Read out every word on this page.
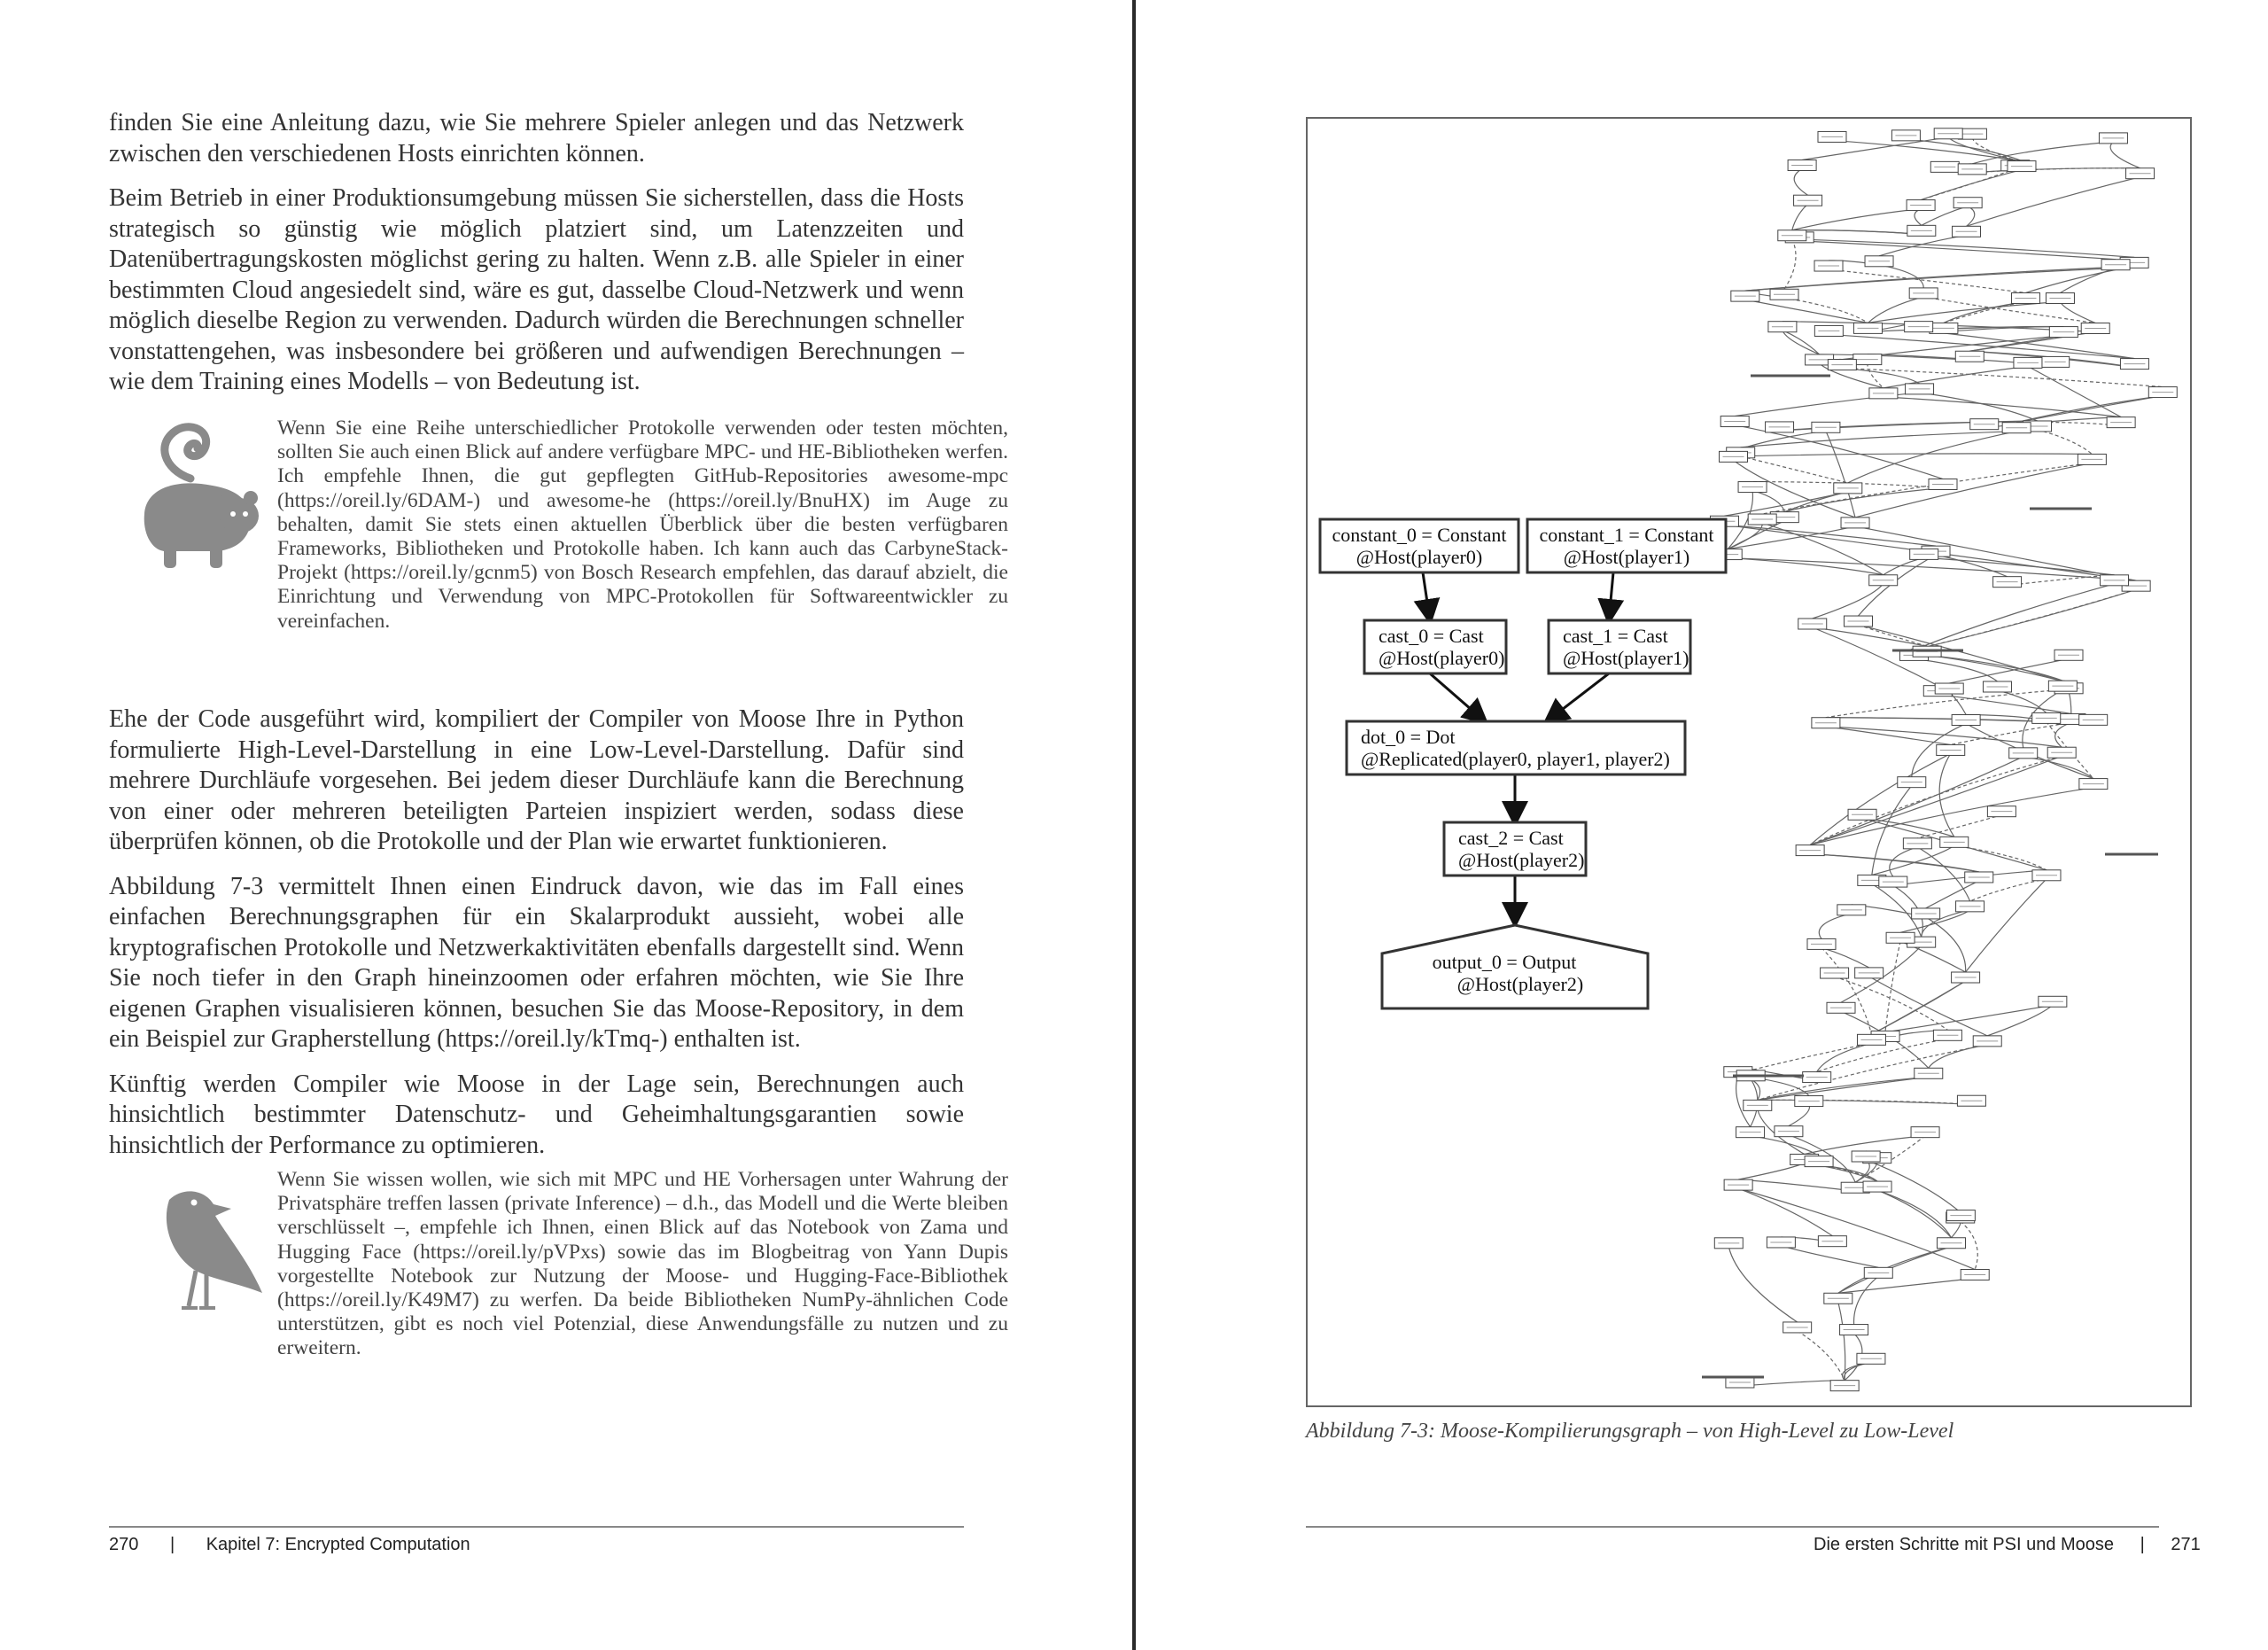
finden Sie eine Anleitung dazu, wie Sie mehrere Spieler anlegen und das Netzwerk zwischen den verschiedenen Hosts einrichten können.

Beim Betrieb in einer Produktionsumgebung müssen Sie sicherstellen, dass die Hosts strategisch so günstig wie möglich platziert sind, um Latenzzeiten und Datenübertragungskosten möglichst gering zu halten. Wenn z.B. alle Spieler in einer bestimmten Cloud angesiedelt sind, wäre es gut, dasselbe Cloud-Netzwerk und wenn möglich dieselbe Region zu verwenden. Dadurch würden die Berechnungen schneller vonstattengehen, was insbesondere bei größeren und aufwendigen Berechnungen – wie dem Training eines Modells – von Bedeutung ist.

Wenn Sie eine Reihe unterschiedlicher Protokolle verwenden oder testen möchten, sollten Sie auch einen Blick auf andere verfügbare MPC- und HE-Bibliotheken werfen. Ich empfehle Ihnen, die gut gepflegten GitHub-Repositories awesome-mpc (https://oreil.ly/6DAM-) und awesome-he (https://oreil.ly/BnuHX) im Auge zu behalten, damit Sie stets einen aktuellen Überblick über die besten verfügbaren Frameworks, Bibliotheken und Protokolle haben. Ich kann auch das CarbyneStack-Projekt (https://oreil.ly/gcnm5) von Bosch Research empfehlen, das darauf abzielt, die Einrichtung und Verwendung von MPC-Protokollen für Softwareentwickler zu vereinfachen.

Ehe der Code ausgeführt wird, kompiliert der Compiler von Moose Ihre in Python formulierte High-Level-Darstellung in eine Low-Level-Darstellung. Dafür sind mehrere Durchläufe vorgesehen. Bei jedem dieser Durchläufe kann die Berechnung von einer oder mehreren beteiligten Parteien inspiziert werden, sodass diese überprüfen können, ob die Protokolle und der Plan wie erwartet funktionieren.

Abbildung 7-3 vermittelt Ihnen einen Eindruck davon, wie das im Fall eines einfachen Berechnungsgraphen für ein Skalarprodukt aussieht, wobei alle kryptografischen Protokolle und Netzwerkaktivitäten ebenfalls dargestellt sind. Wenn Sie noch tiefer in den Graph hineinzoomen oder erfahren möchten, wie Sie Ihre eigenen Graphen visualisieren können, besuchen Sie das Moose-Repository, in dem ein Beispiel zur Grapherstellung (https://oreil.ly/kTmq-) enthalten ist.

Künftig werden Compiler wie Moose in der Lage sein, Berechnungen auch hinsichtlich bestimmter Datenschutz- und Geheimhaltungsgarantien sowie hinsichtlich der Performance zu optimieren.

Wenn Sie wissen wollen, wie sich mit MPC und HE Vorhersagen unter Wahrung der Privatsphäre treffen lassen (private Inference) – d.h., das Modell und die Werte bleiben verschlüsselt –, empfehle ich Ihnen, einen Blick auf das Notebook von Zama und Hugging Face (https://oreil.ly/pVPxs) sowie das im Blogbeitrag von Yann Dupis vorgestellte Notebook zur Nutzung der Moose- und Hugging-Face-Bibliothek (https://oreil.ly/K49M7) zu werfen. Da beide Bibliotheken NumPy-ähnlichen Code unterstützen, gibt es noch viel Potenzial, diese Anwendungsfälle zu nutzen und zu erweitern.
270 | Kapitel 7: Encrypted Computation
constant_0 = Constant
@Host(player0)
constant_1 = Constant
@Host(player1)
cast_0 = Cast
@Host(player0)
cast_1 = Cast
@Host(player1)
dot_0 = Dot
@Replicated(player0, player1, player2)
cast_2 = Cast
@Host(player2)
output_0 = Output
@Host(player2)
Abbildung 7-3: Moose-Kompilierungsgraph – von High-Level zu Low-Level
Die ersten Schritte mit PSI und Moose | 271
